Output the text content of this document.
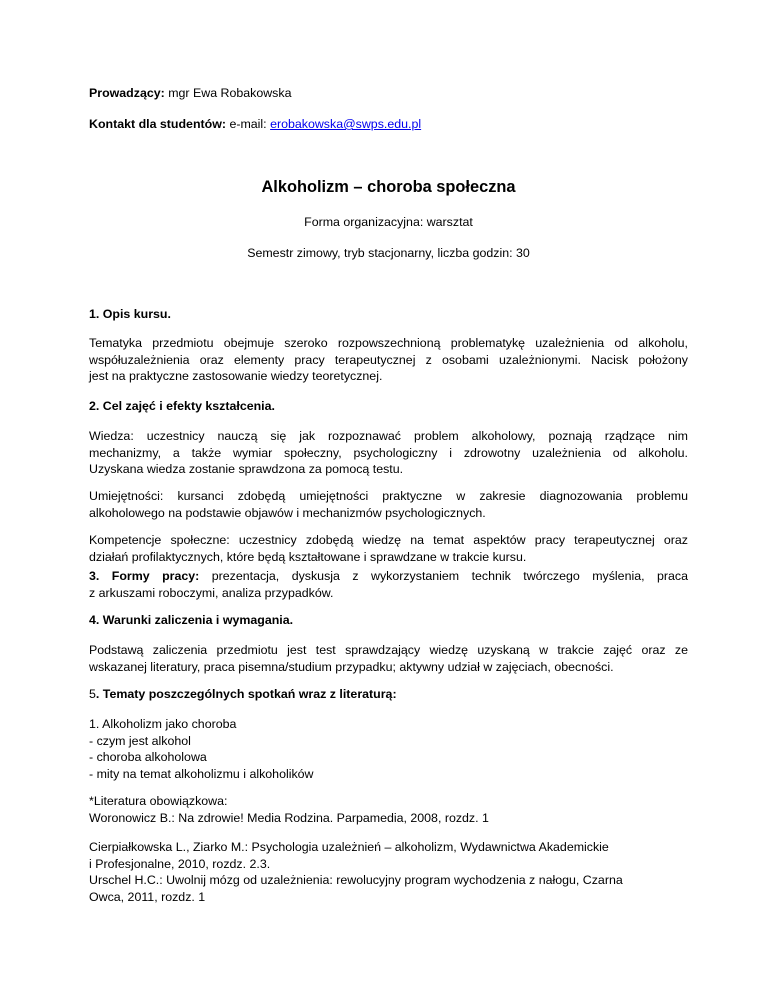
Prowadzący: mgr Ewa Robakowska
Kontakt dla studentów: e-mail: erobakowska@swps.edu.pl
Alkoholizm – choroba społeczna
Forma organizacyjna: warsztat
Semestr zimowy, tryb stacjonarny, liczba godzin: 30
1. Opis kursu.
Tematyka przedmiotu obejmuje szeroko rozpowszechnioną problematykę uzależnienia od alkoholu,
współuzależnienia oraz elementy pracy terapeutycznej z osobami uzależnionymi. Nacisk położony
jest na praktyczne zastosowanie wiedzy teoretycznej.
2. Cel zajęć i efekty kształcenia.
Wiedza: uczestnicy nauczą się jak rozpoznawać problem alkoholowy, poznają rządzące nim
mechanizmy, a także wymiar społeczny, psychologiczny i zdrowotny uzależnienia od alkoholu.
Uzyskana wiedza zostanie sprawdzona za pomocą testu.
Umiejętności: kursanci zdobędą umiejętności praktyczne w zakresie diagnozowania problemu
alkoholowego na podstawie objawów i mechanizmów psychologicznych.
Kompetencje społeczne: uczestnicy zdobędą wiedzę na temat aspektów pracy terapeutycznej oraz
działań profilaktycznych, które będą kształtowane i sprawdzane w trakcie kursu.
3. Formy pracy: prezentacja, dyskusja z wykorzystaniem technik twórczego myślenia, praca
z arkuszami roboczymi, analiza przypadków.
4. Warunki zaliczenia i wymagania.
Podstawą zaliczenia przedmiotu jest test sprawdzający wiedzę uzyskaną w trakcie zajęć oraz ze
wskazanej literatury, praca pisemna/studium przypadku; aktywny udział w zajęciach, obecności.
5. Tematy poszczególnych spotkań wraz z literaturą:
1. Alkoholizm jako choroba
- czym jest alkohol
- choroba alkoholowa
- mity na temat alkoholizmu i alkoholików
*Literatura obowiązkowa:
Woronowicz B.: Na zdrowie! Media Rodzina. Parpamedia, 2008, rozdz. 1
Cierpiałkowska L., Ziarko M.: Psychologia uzależnień – alkoholizm, Wydawnictwa Akademickie
i Profesjonalne, 2010, rozdz. 2.3.
Urschel H.C.: Uwolnij mózg od uzależnienia: rewolucyjny program wychodzenia z nałogu, Czarna
Owca, 2011, rozdz. 1
